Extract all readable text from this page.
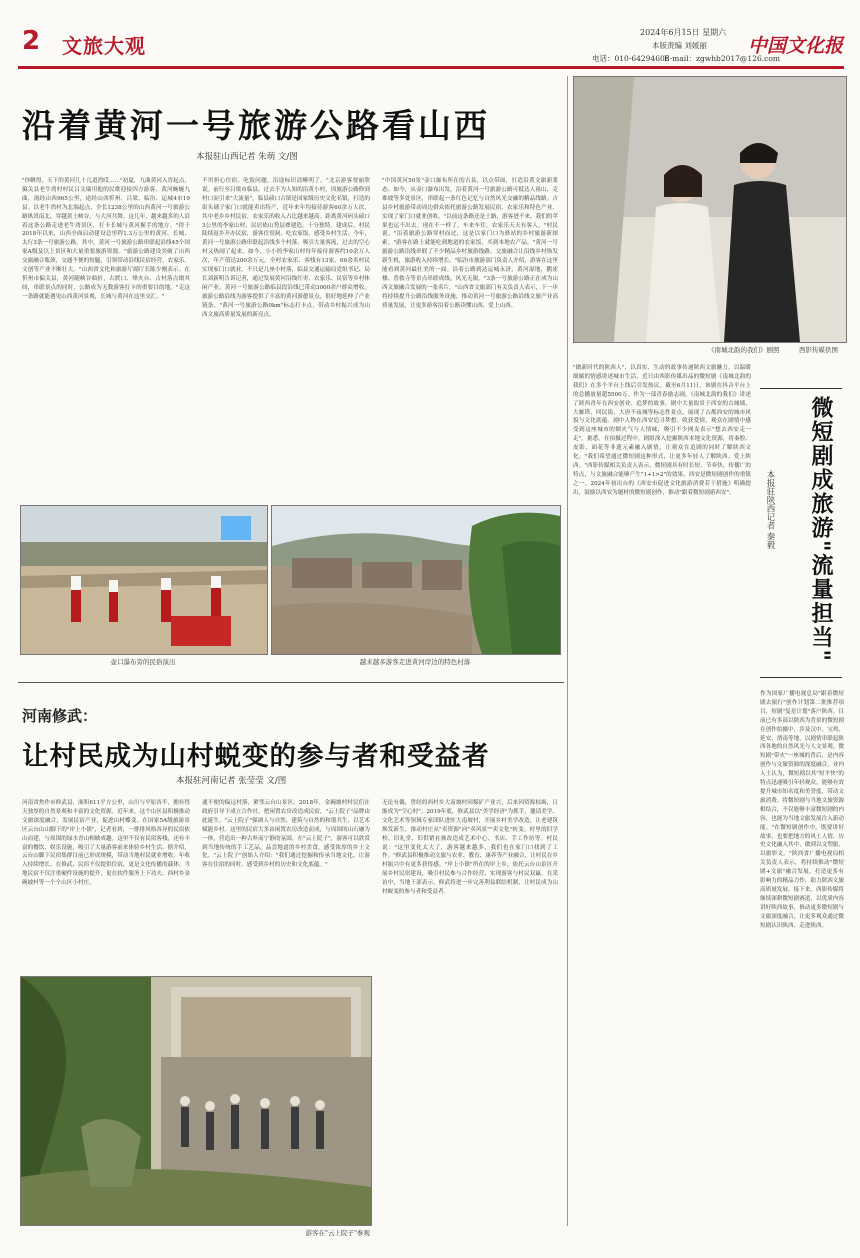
2 文旅大观
2024年6月15日 星期六
本版责编 刘媛丽
电话：010-64294608
E-mail：zgwhb2017@126.com
中国文化报
沿着黄河一号旅游公路看山西
本报驻山西记者 朱萌 文/图
"你瞅得，天下的黄河几十几道湾哎……"初夏，九曲黄河入晋起点，偏关县老牛湾村村民吕文瑞用他的民歌迎接四方游客。黄河蜿蜒九曲，流经山西965公里，途经山西忻州、吕梁、临汾、运城4市19县。以老牛湾村为北端起点，全长1238公里的山西黄河一号旅游公路纵贯南北，穿越黄土峡谷，与大河共舞。这几年，越来越多的人沿着这条公路走进老牛湾景区，打卡长城与黄河握手的地方。"得于2018年以来，山西全面启动建设总里程1.3万公里的黄河、长城、太行3条一号旅游公路。其中，黄河一号旅游公路串联起沿线45个国家A级及以上景区和大量重要旅游资源。"旅游公路建设突破了山西交旅融合瓶颈，交通不便的短腿，引领带动沿线民宿经营、农家乐、文创等产业不断壮大。"山西省文化和旅游厅副厅长陈少刚表示。在忻州市偏关县，黄河随峡谷曲折，古渡口、烽火台、古村落点缀其间，串联景点的同时，公路成为无数游客打卡的重要目的地。"走这一条路就能遇见山西黄河景观，长城与黄河在这里交汇。"
不用担心住宿、吃饭问题，沿途标识清晰明了，"北京游客贾丽欣说。前行至吕梁市临县，过去不为人知的沿黄小村，因旅游公路修到村口而引来"大流量"。临县碛口古镇是国家级历史文化名镇，打造的街头铺子家门口就能卖出特产，近年来年均接待游客60余万人次，其中老乡乡村民宿、农家乐的收入占比越来越高。距离黄河码头碛口3公里的李家山村，民居依山势层叠建造，十分独特。建成后，村民陆续返乡开办民宿，游客住窑洞、吃农家饭，感受乡村生活。今年，黄河一号旅游公路串联起沿线多个村落，吸引大量客流，过去的空心村又热闹了起来。如今，小小的李家山村每年接待游客约10余万人次，年产值达200余万元。全村农家乐、客栈有13家，60余名村民实现家门口就业。不只是几座小村落，临县交通运输局党组书记、局长刘新明告诉记者，通过发展黄河沿线红枣、农家乐、民宿等乡村休闲产业，黄河一号旅游公路临县段沿线已带动3000余户群众增收。旅游公路沿线为游客提供了丰富的黄河游憩景点，很好地延伸了产业链条，"黄河一号旅游公路0km"标志打卡点，带动乡村振兴成为山西文旅高质量发展的新亮点。
"中国黄河50景"壶口瀑布所在的吉县，以点带面，打造沿黄文旅新業态。如今，从壶口瀑布出发，沿着黄河一号旅游公路可抵达人祖山、克难坡等多处景区，串联起一条红色记忆与自然风光交融的精品线路。吉县乡村旅游带动周边群众依托旅游公路发展民宿、农家乐和特色产业，实现了家门口就业创收。"以前这条路还是土路，游客进不来，我们的苹果也运不出去。现在不一样了，车来车往，农家乐天天有客人。"村民说。"沿着旅游公路穿村而过，这是以家门口为驿站的乡村旅游新探索。"游客在路上就能吃到地道的农家饭，买到本地农产品。"黄河一号旅游公路沿线串联了不少精品乡村旅游线路。交旅融合让沿线乡村焕发新生机，旅游收入持续增长。"临汾市旅游部门负责人介绍，游客在这里能看到黄河最壮美的一面。沿着公路到达运城永济，黄河湿地、鹳雀楼、普救寺等景点串联成线，风光无限。"3条一号旅游公路正在成为山西文旅融合发展的一张名片。"山西省文旅部门有关负责人表示，下一步将持续提升公路沿线服务设施，推动黄河一号旅游公路沿线文旅产业高质量发展，让更多游客沿着公路读懂山西、爱上山西。
壶口瀑布旁的民俗演出	越来越多游客走进黄河岸边的特色村落
河南修武：
让村民成为山村蜕变的参与者和受益者
本报驻河南记者 张莹莹 文/图
河南省焦作市修武县，面积611平方公里，山川与平原各半，拥有得天独厚的自然景观和丰富的文化资源。近年来，这个山区县积极推动文旅深度融合，发展民宿产业，促进山村蝶变。在国家5A级旅游景区云台山山脚下的"岸上小镇"，记者看到，一排排风格各异的民宿依山而建，与周围的绿水青山相映成趣。这里不仅有民宿客栈，还有丰富的餐饮、娱乐设施，吸引了大量游客前来体验乡村生活。据介绍，云台山脚下民宿集群目前已形成规模，带动当地村民就业增收，年收入持续增长。在修武，民宿不仅提供住宿，更是文化传播的载体。当地民宿不仅注重硬件设施的提升，更在软件服务上下功夫。西村乡金碗坡村等一个个山区小村庄，
通不便的偏远村落，紧邻云台山景区。2018年，金碗坡村村民们在政府引导下成立合作社，把闲置农房改造成民宿，"云上院子"品牌由此诞生。"云上院子"强调人与自然、建筑与自然的和谐共生，以艺术赋能乡村。这里的民宿大多由闲置农房改造而成，与周围的山石融为一体，营造出一种古朴而宁静的氛围。在"云上院子"，游客可以欣赏到当地传统的手工艺品，品尝地道的乡村美食，感受浓厚的乡土文化。"云上院子"创始人介绍："我们通过挖掘和传承当地文化，让游客在住宿的同时，感受到乡村的历史和文化底蕴。"
无论有偶，曾经的西村乡大南坡村因煤矿产业兴，后来因资源枯竭，日渐成为"空心村"。2019年底，修武县以"美学经济"为抓手，邀请美学、文化艺术等领域专家团队进驻大南坡村，开展乡村美学改造，让老建筑焕发新生，推动村庄从"卖资源"向"卖风景""卖文化"转变。村里的旧学校、旧礼堂、旧供销社被改造成艺术中心、书店、手工作坊等。村民说："这里变化太大了，游客越来越多，我们也在家门口找到了工作。"修武县积极推动文旅与农业、教育、康养等产业融合，让村民在乡村振兴中有更多获得感。"岸上小镇"所在的岸上乡，依托云台山景区开展乡村民宿建设，吸引村民参与合作经营，实现游客与村民双赢。在采访中，当地干部表示，修武将进一步完善利益联结机制，让村民成为山村蜕变的参与者和受益者。
游客在"云上院子"参观
《南城北韵的我们》剧照	西影传媒供图
"做新时代的陕西人"，以真实、生动的故事传递陕西文旅魅力，以温暖细腻的情感讲述城市生活，近日由西影传媒出品的微短剧《南城北韵的我们》在多个平台上线后引发热议。截至6月11日，该剧在抖音平台上的总播放量超5500万。作为一部青春励志剧，《南城北韵的我们》讲述了陕西青年在西安创业、追梦的故事，剧中大量取景于西安的古城墙、大雁塔、回民街、大唐不夜城等标志性景点，展现了古都西安的城市风貌与文化底蕴。剧中人物在西安追寻梦想、收获爱情，观众在剧情中感受到这座城市的烟火气与人情味，吸引不少网友表示"想去西安走一走"。据悉，在拍摄过程中，剧组深入挖掘陕西本地文化资源，将秦腔、皮影、面花等非遗元素融入剧情，让观众在追剧的同时了解陕西文化。"我们希望通过微短剧这种形式，让更多年轻人了解陕西、爱上陕西。"西影传媒相关负责人表示，微短剧具有时长短、节奏快、传播广的特点，与文旅融合能够产生"1+1>2"的效果。西安是微短剧创作的重镇之一。2024年初出台的《西安市促进文化旅游消费若干措施》明确提出，鼓励以西安为题材的微短剧创作，推动"跟着微短剧游西安"。	微短剧成旅游"流量担当"
本报驻陕西记者 秦毅
作为国家广播电视总局"跟着微短剧去旅行"创作计划第二批推荐项目，短剧"复星计划"落户陕西。目前已有多部以陕西为背景的微短剧在创作拍摄中，涉及汉中、宝鸡、延安、渭南等地，以剧情串联起陕西各地的自然风光与人文景观。微短剧"带火"一座城的背后，是内容创作与文旅资源的深度融合。业内人士认为，微短剧以其"短平快"的特点迅速吸引年轻观众，能够有效提升城市知名度和美誉度，带动文旅消费。将微短剧与当地文旅资源相结合，不仅能够丰富微短剧的内容，也能为当地文旅发展注入新动能。"在微短剧创作中，既要讲好故事，也要把地方的风土人情、历史文化融入其中，做到以文塑旅、以旅彰文。"陕西省广播电视局相关负责人表示，将持续推动"微短剧+文旅"融合发展，打造更多有影响力的精品力作，助力陕西文旅高质量发展。接下来，西影传媒将继续深耕微短剧赛道，以优质内容讲好陕西故事，推动更多微短剧与文旅深度融合，让更多观众通过微短剧认识陕西、走进陕西。
